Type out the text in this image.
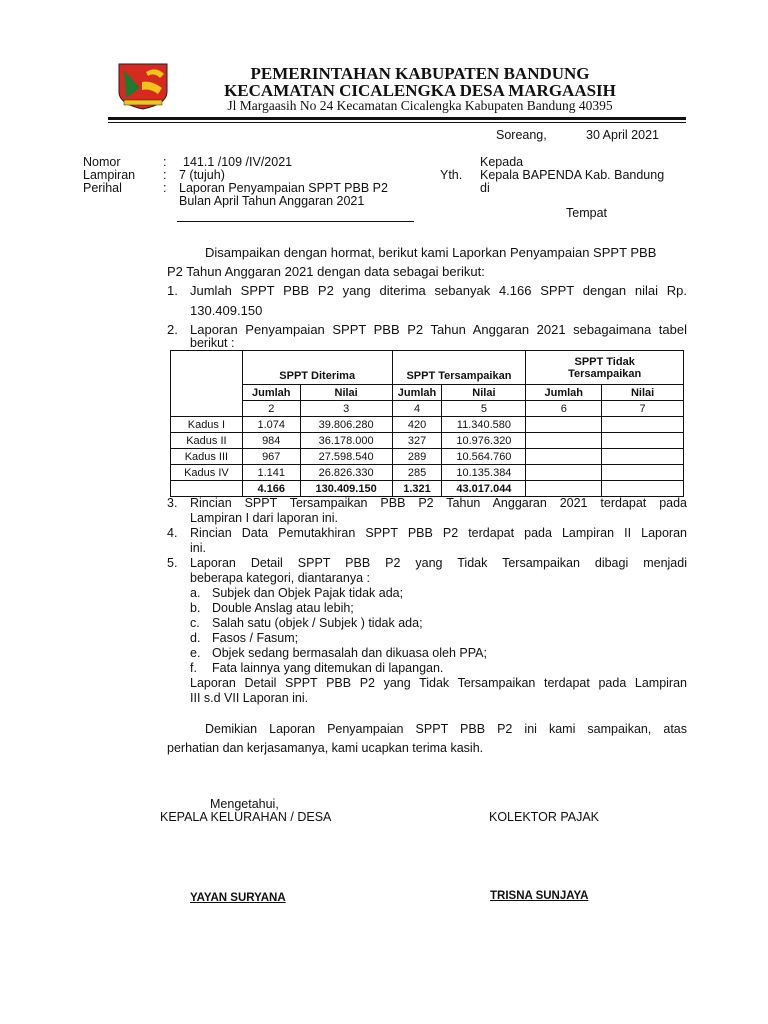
PEMERINTAHAN KABUPATEN BANDUNG
KECAMATAN CICALENGKA DESA MARGAASIH
Jl Margaasih No 24 Kecamatan Cicalengka Kabupaten Bandung 40395
Soreang,	30 April 2021
Nomor	: 141.1 /109 /IV/2021
Lampiran : 7 (tujuh)
Perihal	: Laporan Penyampaian SPPT PBB P2
Bulan April Tahun Anggaran 2021
Kepada
Yth. Kepala BAPENDA Kab. Bandung
di
Tempat
Disampaikan dengan hormat, berikut kami Laporkan Penyampaian SPPT PBB
P2 Tahun Anggaran 2021 dengan data sebagai berikut:
1. Jumlah SPPT PBB P2 yang diterima sebanyak 4.166 SPPT dengan nilai Rp.
130.409.150
2. Laporan Penyampaian SPPT PBB P2 Tahun Anggaran 2021 sebagaimana tabel
berikut :
	SPPT Diterima		SPPT Tersampaikan		SPPT Tidak
Tersampaikan	
	Jumlah	Nilai	Jumlah	Nilai	Jumlah	Nilai
	2	3	4	5	6	7
Kadus I	1.074	39.806.280	420	11.340.580		
Kadus II	984	36.178.000	327	10.976.320		
Kadus III	967	27.598.540	289	10.564.760		
Kadus IV	1.141	26.826.330	285	10.135.384		
	4.166	130.409.150	1.321	43.017.044		
3. Rincian SPPT Tersampaikan PBB P2 Tahun Anggaran 2021 terdapat pada
Lampiran I dari laporan ini.
4. Rincian Data Pemutakhiran SPPT PBB P2 terdapat pada Lampiran II Laporan
ini.
5. Laporan Detail SPPT PBB P2 yang Tidak Tersampaikan dibagi menjadi
beberapa kategori, diantaranya :
a. Subjek dan Objek Pajak tidak ada;
b. Double Anslag atau lebih;
c. Salah satu (objek / Subjek ) tidak ada;
d. Fasos / Fasum;
e. Objek sedang bermasalah dan dikuasa oleh PPA;
f. Fata lainnya yang ditemukan di lapangan.
Laporan Detail SPPT PBB P2 yang Tidak Tersampaikan terdapat pada Lampiran
III s.d VII Laporan ini.
Demikian Laporan Penyampaian SPPT PBB P2 ini kami sampaikan, atas
perhatian dan kerjasamanya, kami ucapkan terima kasih.
Mengetahui,
KEPALA KELURAHAN / DESA	KOLEKTOR PAJAK
YAYAN SURYANA	TRISNA SUNJAYA
